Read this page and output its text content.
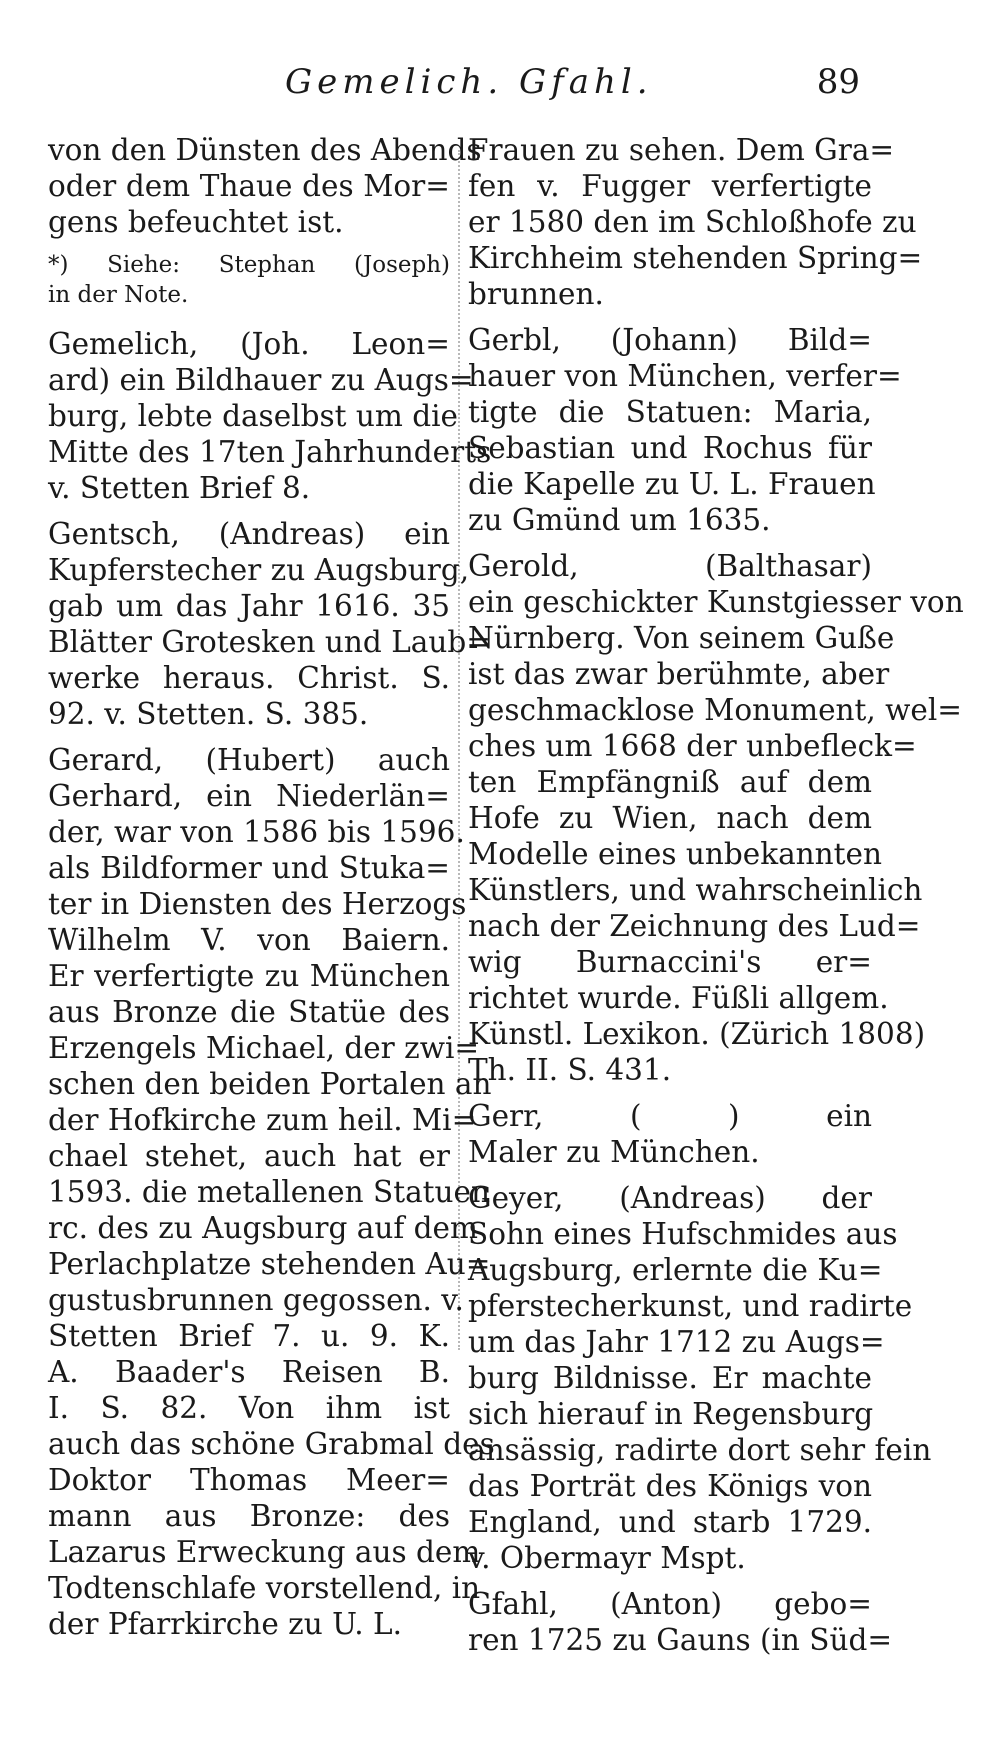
Gemelich. Gfahl.	89
von den Dünsten des Abends
oder dem Thaue des Mor=
gens befeuchtet ist.
*) Siehe: Stephan (Joseph)
in der Note.
Gemelich, (Joh. Leon=
ard) ein Bildhauer zu Augs=
burg, lebte daselbst um die
Mitte des 17ten Jahrhunderts
v. Stetten Brief 8.
Gentsch, (Andreas) ein
Kupferstecher zu Augsburg,
gab um das Jahr 1616. 35
Blätter Grotesken und Laub=
werke heraus. Christ. S.
92. v. Stetten. S. 385.
Gerard, (Hubert) auch
Gerhard, ein Niederlän=
der, war von 1586 bis 1596.
als Bildformer und Stuka=
ter in Diensten des Herzogs
Wilhelm V. von Baiern.
Er verfertigte zu München
aus Bronze die Statüe des
Erzengels Michael, der zwi=
schen den beiden Portalen an
der Hofkirche zum heil. Mi=
chael stehet, auch hat er
1593. die metallenen Statuen
rc. des zu Augsburg auf dem
Perlachplatze stehenden Au=
gustusbrunnen gegossen. v.
Stetten Brief 7. u. 9. K.
A. Baader's Reisen B.
I. S. 82. Von ihm ist
auch das schöne Grabmal des
Doktor Thomas Meer=
mann aus Bronze: des
Lazarus Erweckung aus dem
Todtenschlafe vorstellend, in
der Pfarrkirche zu U. L.
Frauen zu sehen. Dem Gra=
fen v. Fugger verfertigte
er 1580 den im Schloßhofe zu
Kirchheim stehenden Spring=
brunnen.
Gerbl, (Johann) Bild=
hauer von München, verfer=
tigte die Statuen: Maria,
Sebastian und Rochus für
die Kapelle zu U. L. Frauen
zu Gmünd um 1635.
Gerold, (Balthasar)
ein geschickter Kunstgiesser von
Nürnberg. Von seinem Guße
ist das zwar berühmte, aber
geschmacklose Monument, wel=
ches um 1668 der unbefleck=
ten Empfängniß auf dem
Hofe zu Wien, nach dem
Modelle eines unbekannten
Künstlers, und wahrscheinlich
nach der Zeichnung des Lud=
wig Burnaccini's er=
richtet wurde. Füßli allgem.
Künstl. Lexikon. (Zürich 1808)
Th. II. S. 431.
Gerr, ( ) ein
Maler zu München.
Geyer, (Andreas) der
Sohn eines Hufschmides aus
Augsburg, erlernte die Ku=
pferstecherkunst, und radirte
um das Jahr 1712 zu Augs=
burg Bildnisse. Er machte
sich hierauf in Regensburg
ansässig, radirte dort sehr fein
das Porträt des Königs von
England, und starb 1729.
v. Obermayr Mspt.
Gfahl, (Anton) gebo=
ren 1725 zu Gauns (in Süd=
